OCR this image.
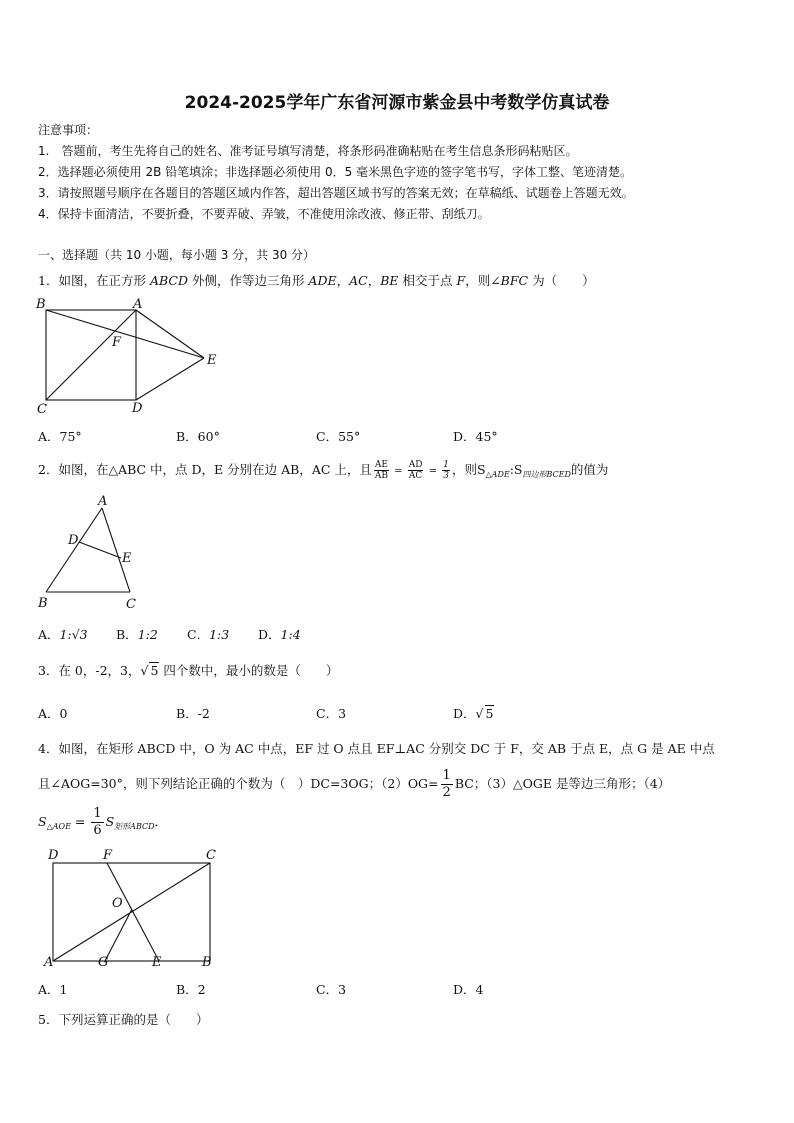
2024-2025学年广东省河源市紫金县中考数学仿真试卷
注意事项：
1.　答题前，考生先将自己的姓名、准考证号填写清楚，将条形码准确粘贴在考生信息条形码粘贴区。
2．选择题必须使用 2B 铅笔填涂；非选择题必须使用 0．5 毫米黑色字迹的签字笔书写，字体工整、笔迹清楚。
3．请按照题号顺序在各题目的答题区域内作答，超出答题区域书写的答案无效；在草稿纸、试题卷上答题无效。
4．保持卡面清洁，不要折叠，不要弄破、弄皱，不准使用涂改液、修正带、刮纸刀。
一、选择题（共 10 小题，每小题 3 分，共 30 分）
1．如图，在正方形 ABCD 外侧，作等边三角形 ADE，AC，BE 相交于点 F，则∠BFC 为（　　）
B	A
F
E
C	D
A．75°	B．60°	C．55°	D．45°
2．如图，在△ABC 中，点 D，E 分别在边 AB，AC 上，且 $\frac{AE}{AB} = \frac{AD}{AC} = \frac{1}{3}$ ，则$S_{\triangle ADE}:S_{四边形BCED}$的值为
A
D
E
B	C
A．1:√3 B．1:2 C．1:3 D．1:4
3．在 0，-2，3，√ 5 四个数中，最小的数是（　　）
A．0	B．-2	C．3	D．√ 5
4．如图，在矩形 ABCD 中，O 为 AC 中点，EF 过 O 点且 EF⊥AC 分别交 DC 于 F，交 AB 于点 E，点 G 是 AE 中点
且∠AOG=30°，则下列结论正确的个数为（　）DC=3OG；$(2)OG= \frac{1}{2}$ BC；（3）△OGE 是等边三角形；（4）
$S_{\triangle AOE} = \frac{1}{6} S_{矩形ABCD}$．
D	F	C
O
A	G	E	B
A．1	B．2	C．3	D．4
5．下列运算正确的是（　　）
